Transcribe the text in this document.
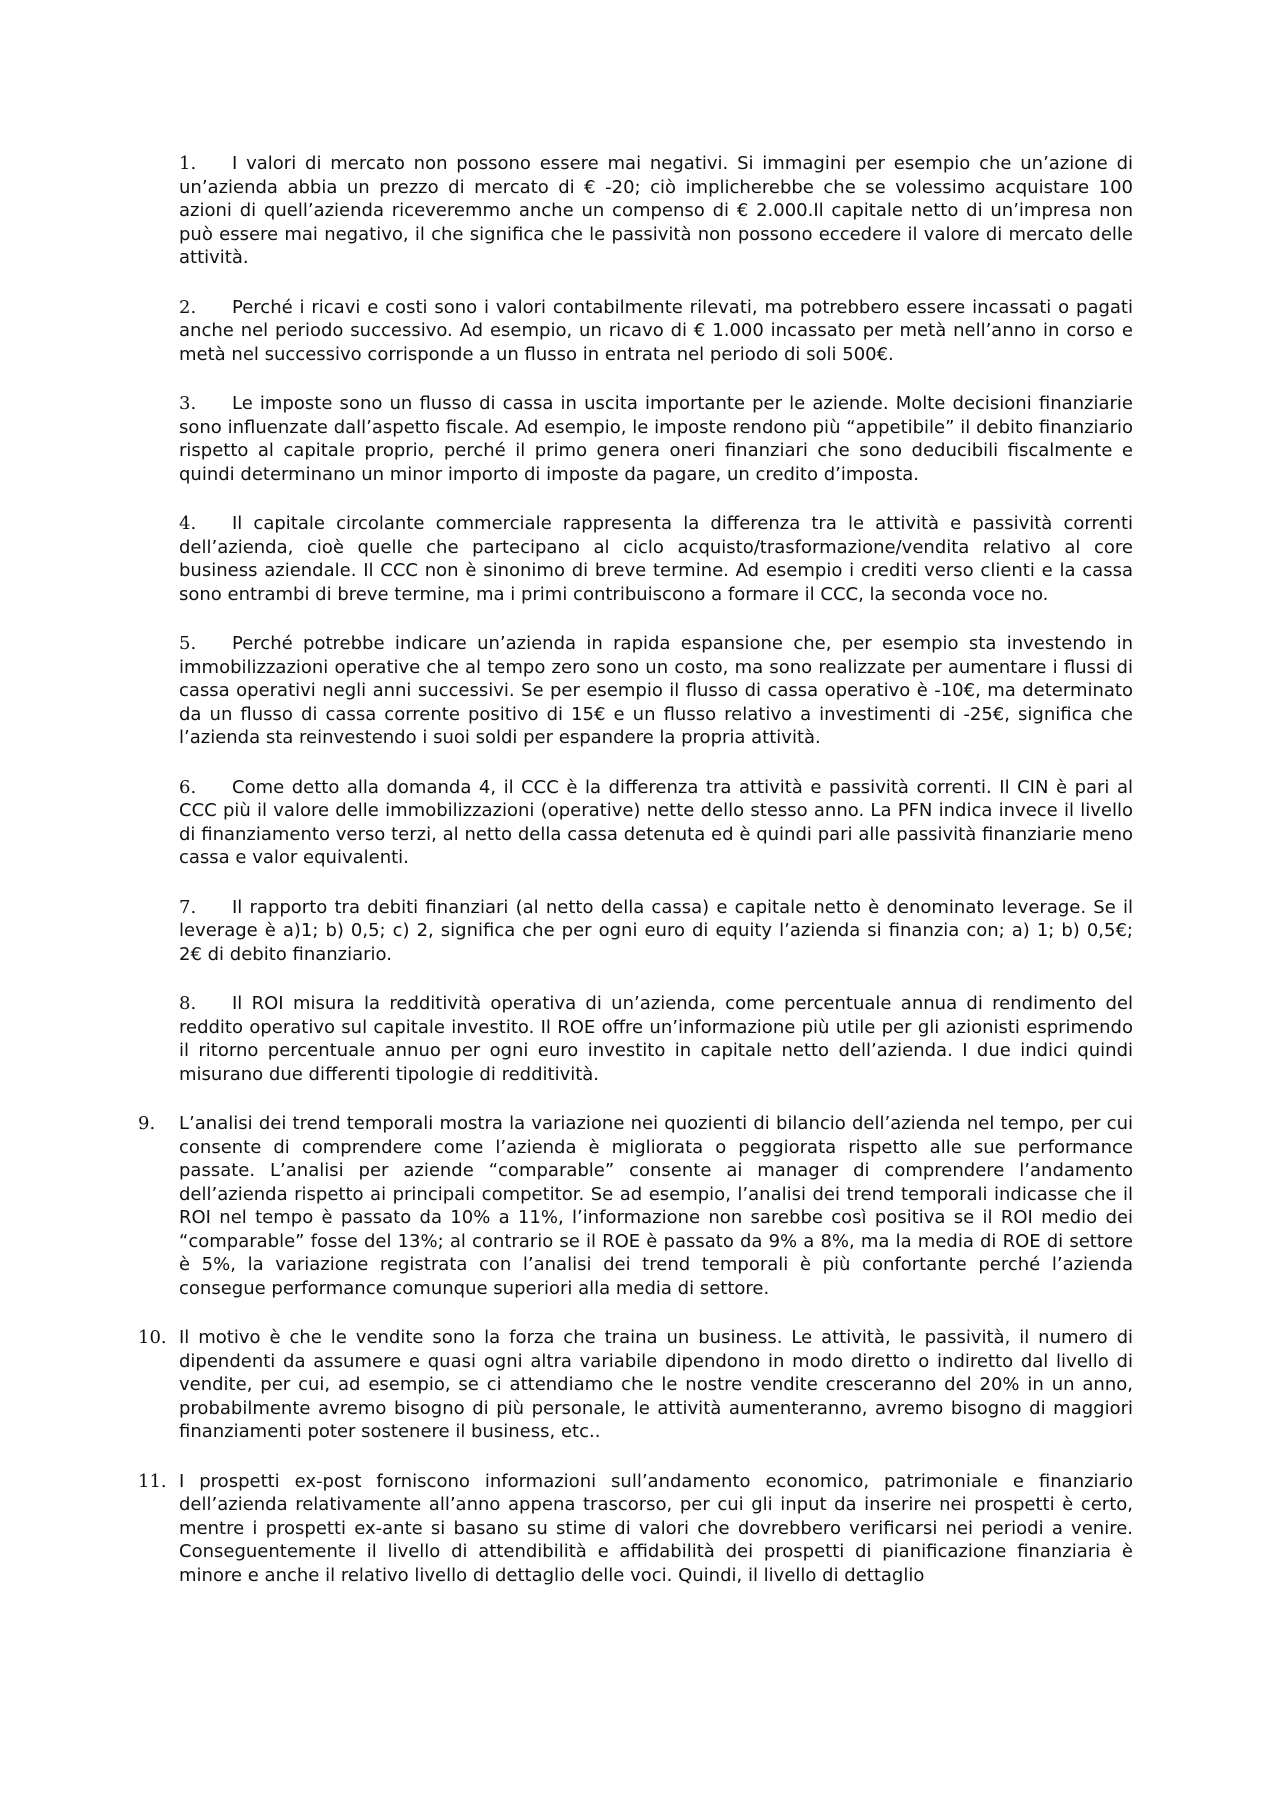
1. I valori di mercato non possono essere mai negativi. Si immagini per esempio che un’azione di un’azienda abbia un prezzo di mercato di € -20; ciò implicherebbe che se volessimo acquistare 100 azioni di quell’azienda riceveremmo anche un compenso di € 2.000.Il capitale netto di un’impresa non può essere mai negativo, il che significa che le passività non possono eccedere il valore di mercato delle attività.

2. Perché i ricavi e costi sono i valori contabilmente rilevati, ma potrebbero essere incassati o pagati anche nel periodo successivo. Ad esempio, un ricavo di € 1.000 incassato per metà nell’anno in corso e metà nel successivo corrisponde a un flusso in entrata nel periodo di soli 500€.

3. Le imposte sono un flusso di cassa in uscita importante per le aziende. Molte decisioni finanziarie sono influenzate dall’aspetto fiscale. Ad esempio, le imposte rendono più “appetibile” il debito finanziario rispetto al capitale proprio, perché il primo genera oneri finanziari che sono deducibili fiscalmente e quindi determinano un minor importo di imposte da pagare, un credito d’imposta.

4. Il capitale circolante commerciale rappresenta la differenza tra le attività e passività correnti dell’azienda, cioè quelle che partecipano al ciclo acquisto/trasformazione/vendita relativo al core business aziendale. Il CCC non è sinonimo di breve termine. Ad esempio i crediti verso clienti e la cassa sono entrambi di breve termine, ma i primi contribuiscono a formare il CCC, la seconda voce no.

5. Perché potrebbe indicare un’azienda in rapida espansione che, per esempio sta investendo in immobilizzazioni operative che al tempo zero sono un costo, ma sono realizzate per aumentare i flussi di cassa operativi negli anni successivi. Se per esempio il flusso di cassa operativo è -10€, ma determinato da un flusso di cassa corrente positivo di 15€ e un flusso relativo a investimenti di -25€, significa che l’azienda sta reinvestendo i suoi soldi per espandere la propria attività.

6. Come detto alla domanda 4, il CCC è la differenza tra attività e passività correnti. Il CIN è pari al CCC più il valore delle immobilizzazioni (operative) nette dello stesso anno. La PFN indica invece il livello di finanziamento verso terzi, al netto della cassa detenuta ed è quindi pari alle passività finanziarie meno cassa e valor equivalenti.

7. Il rapporto tra debiti finanziari (al netto della cassa) e capitale netto è denominato leverage. Se il leverage è a)1; b) 0,5; c) 2, significa che per ogni euro di equity l’azienda si finanzia con; a) 1; b) 0,5€; 2€ di debito finanziario.

8. Il ROI misura la redditività operativa di un’azienda, come percentuale annua di rendimento del reddito operativo sul capitale investito. Il ROE offre un’informazione più utile per gli azionisti esprimendo il ritorno percentuale annuo per ogni euro investito in capitale netto dell’azienda. I due indici quindi misurano due differenti tipologie di redditività.

9. L’analisi dei trend temporali mostra la variazione nei quozienti di bilancio dell’azienda nel tempo, per cui consente di comprendere come l’azienda è migliorata o peggiorata rispetto alle sue performance passate. L’analisi per aziende “comparable” consente ai manager di comprendere l’andamento dell’azienda rispetto ai principali competitor. Se ad esempio, l’analisi dei trend temporali indicasse che il ROI nel tempo è passato da 10% a 11%, l’informazione non sarebbe così positiva se il ROI medio dei “comparable” fosse del 13%; al contrario se il ROE è passato da 9% a 8%, ma la media di ROE di settore è 5%, la variazione registrata con l’analisi dei trend temporali è più confortante perché l’azienda consegue performance comunque superiori alla media di settore.

10. Il motivo è che le vendite sono la forza che traina un business. Le attività, le passività, il numero di dipendenti da assumere e quasi ogni altra variabile dipendono in modo diretto o indiretto dal livello di vendite, per cui, ad esempio, se ci attendiamo che le nostre vendite cresceranno del 20% in un anno, probabilmente avremo bisogno di più personale, le attività aumenteranno, avremo bisogno di maggiori finanziamenti poter sostenere il business, etc..

11. I prospetti ex-post forniscono informazioni sull’andamento economico, patrimoniale e finanziario dell’azienda relativamente all’anno appena trascorso, per cui gli input da inserire nei prospetti è certo, mentre i prospetti ex-ante si basano su stime di valori che dovrebbero verificarsi nei periodi a venire. Conseguentemente il livello di attendibilità e affidabilità dei prospetti di pianificazione finanziaria è minore e anche il relativo livello di dettaglio delle voci. Quindi, il livello di dettaglio
